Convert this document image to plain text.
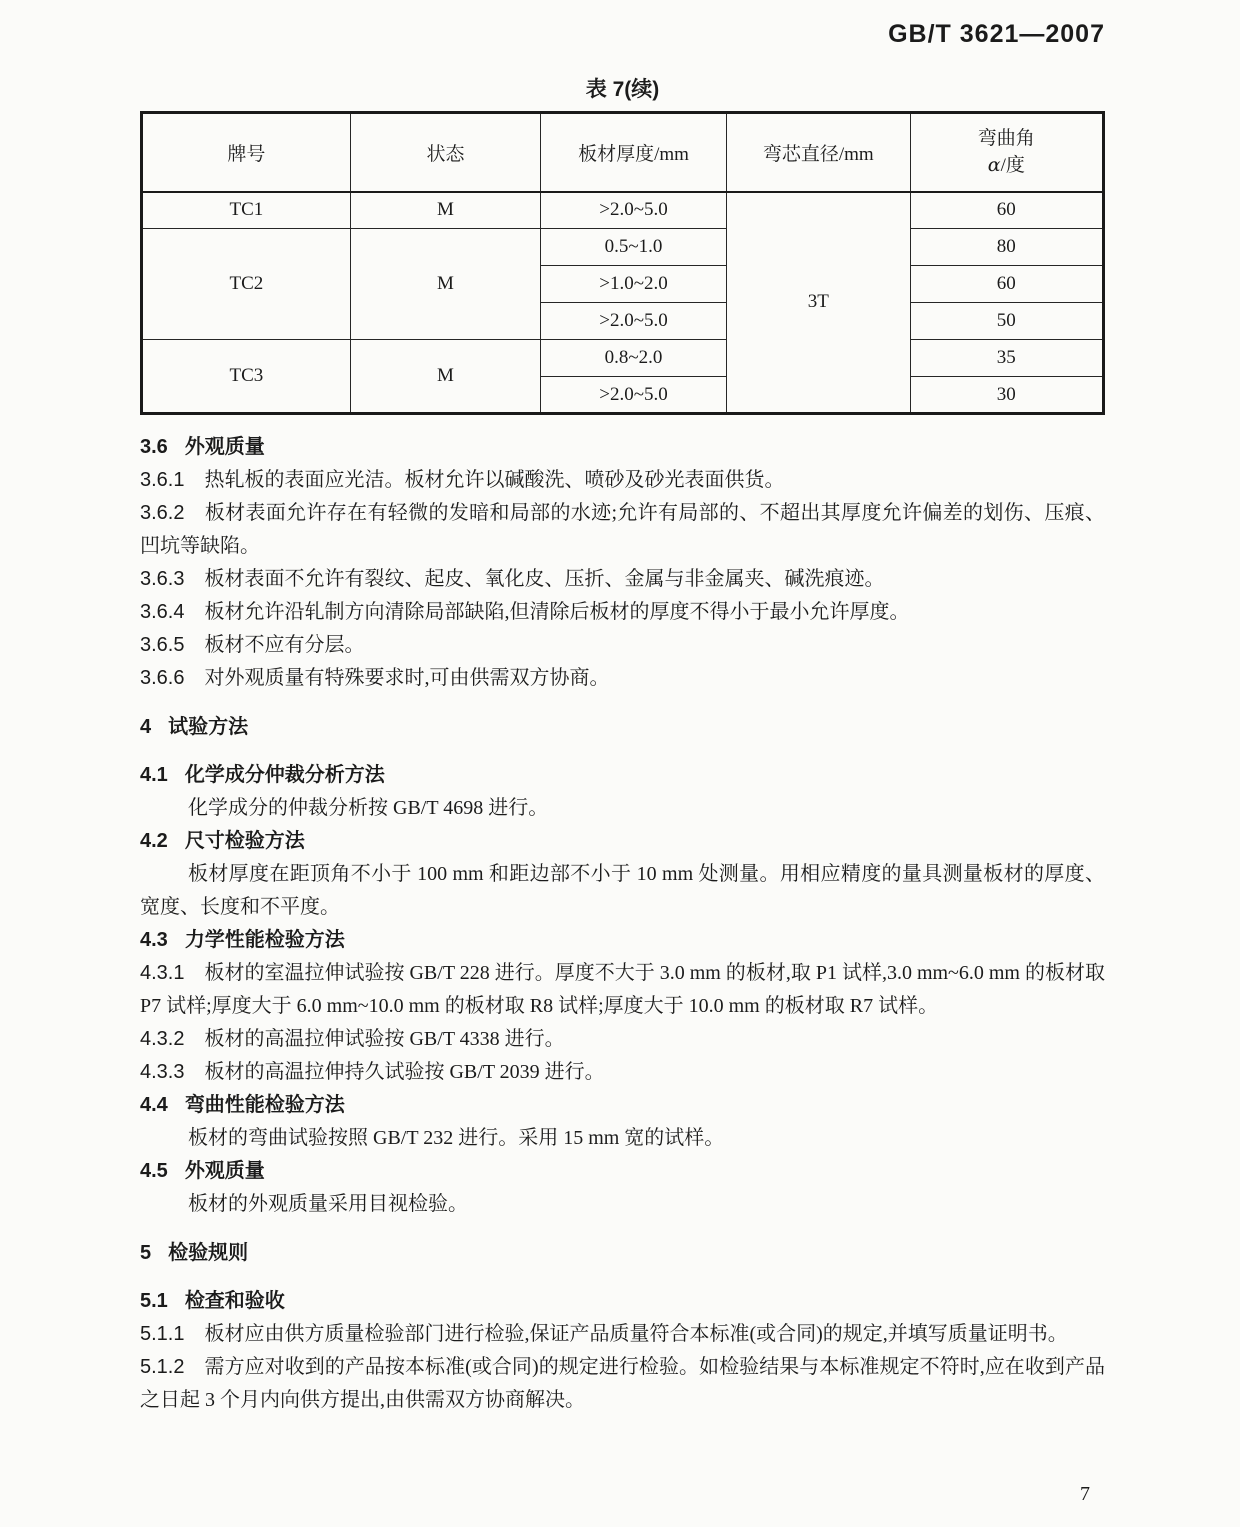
GB/T 3621—2007
表 7(续)
牌号	状态	板材厚度/mm	弯芯直径/mm	弯曲角
α/度

TC1	M	>2.0~5.0	3T	60
TC2	M	0.5~1.0		80
		>1.0~2.0		60
		>2.0~5.0		50
TC3	M	0.8~2.0		35
		>2.0~5.0		30

3.6 外观质量

3.6.1 热轧板的表面应光洁。板材允许以碱酸洗、喷砂及砂光表面供货。

3.6.2 板材表面允许存在有轻微的发暗和局部的水迹;允许有局部的、不超出其厚度允许偏差的划伤、压痕、凹坑等缺陷。

3.6.3 板材表面不允许有裂纹、起皮、氧化皮、压折、金属与非金属夹、碱洗痕迹。

3.6.4 板材允许沿轧制方向清除局部缺陷,但清除后板材的厚度不得小于最小允许厚度。

3.6.5 板材不应有分层。

3.6.6 对外观质量有特殊要求时,可由供需双方协商。

4 试验方法

4.1 化学成分仲裁分析方法

化学成分的仲裁分析按 GB/T 4698 进行。

4.2 尺寸检验方法

板材厚度在距顶角不小于 100 mm 和距边部不小于 10 mm 处测量。用相应精度的量具测量板材的厚度、宽度、长度和不平度。

4.3 力学性能检验方法

4.3.1 板材的室温拉伸试验按 GB/T 228 进行。厚度不大于 3.0 mm 的板材,取 P1 试样,3.0 mm~6.0 mm 的板材取 P7 试样;厚度大于 6.0 mm~10.0 mm 的板材取 R8 试样;厚度大于 10.0 mm 的板材取 R7 试样。

4.3.2 板材的高温拉伸试验按 GB/T 4338 进行。

4.3.3 板材的高温拉伸持久试验按 GB/T 2039 进行。

4.4 弯曲性能检验方法

板材的弯曲试验按照 GB/T 232 进行。采用 15 mm 宽的试样。

4.5 外观质量

板材的外观质量采用目视检验。

5 检验规则

5.1 检查和验收

5.1.1 板材应由供方质量检验部门进行检验,保证产品质量符合本标准(或合同)的规定,并填写质量证明书。

5.1.2 需方应对收到的产品按本标准(或合同)的规定进行检验。如检验结果与本标准规定不符时,应在收到产品之日起 3 个月内向供方提出,由供需双方协商解决。

7
